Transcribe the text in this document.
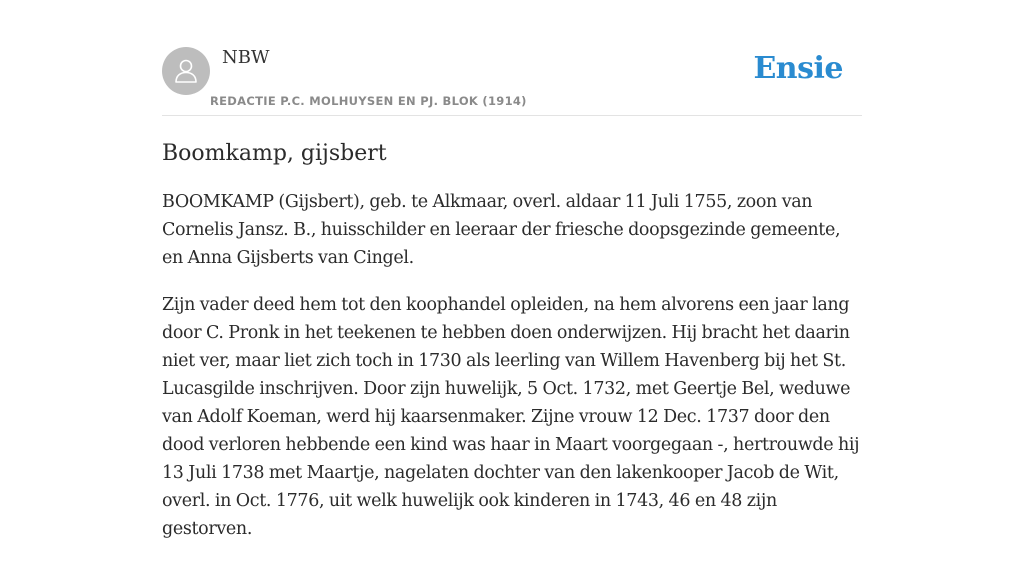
NBW
REDACTIE P.C. MOLHUYSEN EN PJ. BLOK (1914)
Ensie
Boomkamp, gijsbert

BOOMKAMP (Gijsbert), geb. te Alkmaar, overl. aldaar 11 Juli 1755, zoon van Cornelis Jansz. B., huisschilder en leeraar der friesche doopsgezinde gemeente, en Anna Gijsberts van Cingel.

Zijn vader deed hem tot den koophandel opleiden, na hem alvorens een jaar lang door C. Pronk in het teekenen te hebben doen onderwijzen. Hij bracht het daarin niet ver, maar liet zich toch in 1730 als leerling van Willem Havenberg bij het St. Lucasgilde inschrijven. Door zijn huwelijk, 5 Oct. 1732, met Geertje Bel, weduwe van Adolf Koeman, werd hij kaarsenmaker. Zijne vrouw 12 Dec. 1737 door den dood verloren hebbende een kind was haar in Maart voorgegaan -, hertrouwde hij 13 Juli 1738 met Maartje, nagelaten dochter van den lakenkooper Jacob de Wit, overl. in Oct. 1776, uit welk huwelijk ook kinderen in 1743, 46 en 48 zijn gestorven.
